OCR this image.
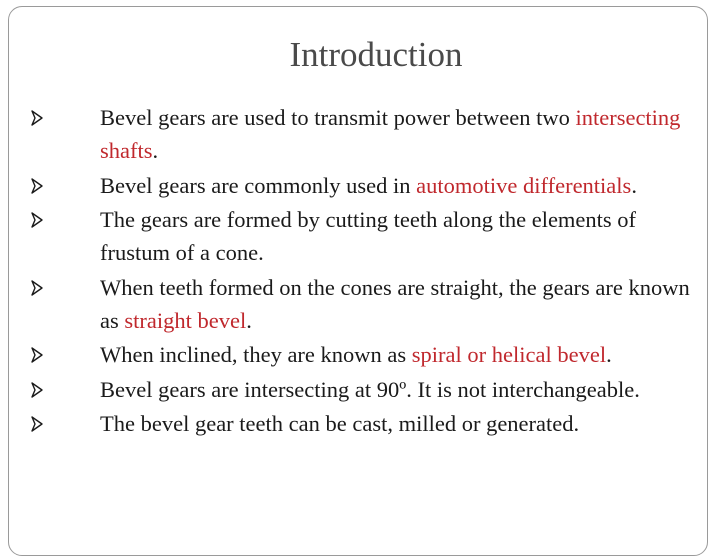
Introduction
Bevel gears are used to transmit power between two intersecting shafts.
Bevel gears are commonly used in automotive differentials.
The gears are formed by cutting teeth along the elements of frustum of a cone.
When teeth formed on the cones are straight, the gears are known as straight bevel.
When inclined, they are known as spiral or helical bevel.
Bevel gears are intersecting at 90º. It is not interchangeable.
The bevel gear teeth can be cast, milled or generated.
